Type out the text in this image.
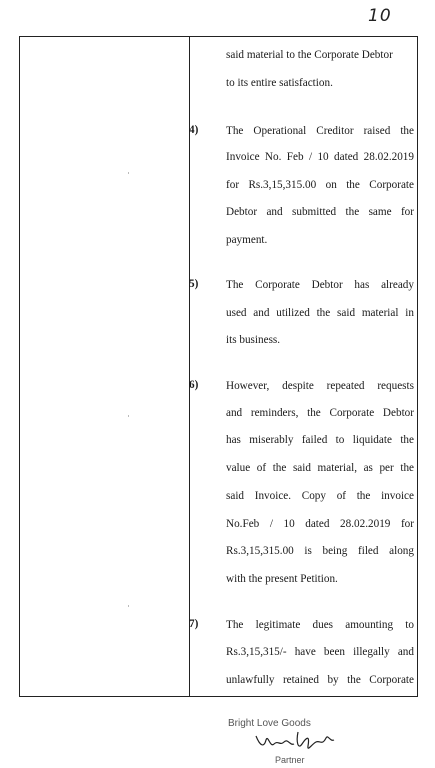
10
said material to the Corporate Debtor
to its entire satisfaction.
4) The Operational Creditor raised the
Invoice No. Feb / 10 dated 28.02.2019
for Rs.3,15,315.00 on the Corporate
Debtor and submitted the same for
payment.
5) The Corporate Debtor has already
used and utilized the said material in
its business.
6) However, despite repeated requests
and reminders, the Corporate Debtor
has miserably failed to liquidate the
value of the said material, as per the
said Invoice. Copy of the invoice
No.Feb / 10 dated 28.02.2019 for
Rs.3,15,315.00 is being filed along
with the present Petition.
7) The legitimate dues amounting to
Rs.3,15,315/- have been illegally and
unlawfully retained by the Corporate
Bright Love Goods
Partner
